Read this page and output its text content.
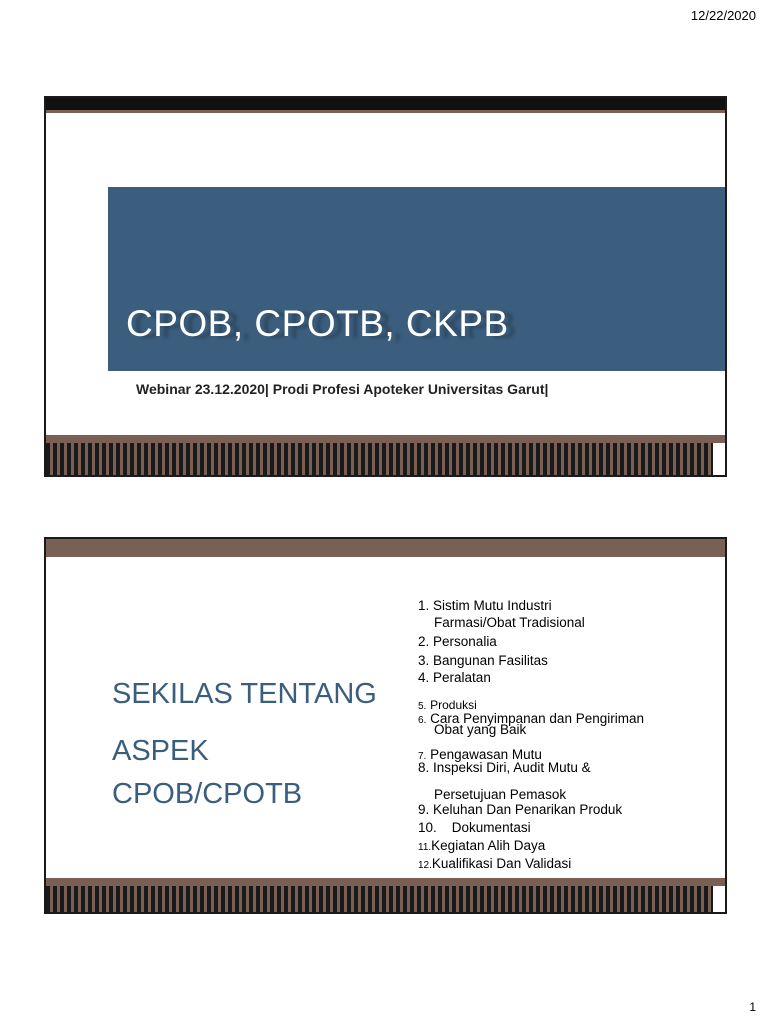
12/22/2020
CPOB, CPOTB, CKPB
Webinar 23.12.2020| Prodi Profesi Apoteker Universitas Garut|
SEKILAS TENTANG
ASPEK
CPOB/CPOTB
1. Sistim Mutu Industri
Farmasi/Obat Tradisional
2. Personalia
3. Bangunan Fasilitas
4. Peralatan
5. Produksi
6. Cara Penyimpanan dan Pengiriman
Obat yang Baik
7. Pengawasan Mutu
8. Inspeksi Diri, Audit Mutu &
Persetujuan Pemasok
9. Keluhan Dan Penarikan Produk
10. Dokumentasi
11.Kegiatan Alih Daya
12.Kualifikasi Dan Validasi
1
